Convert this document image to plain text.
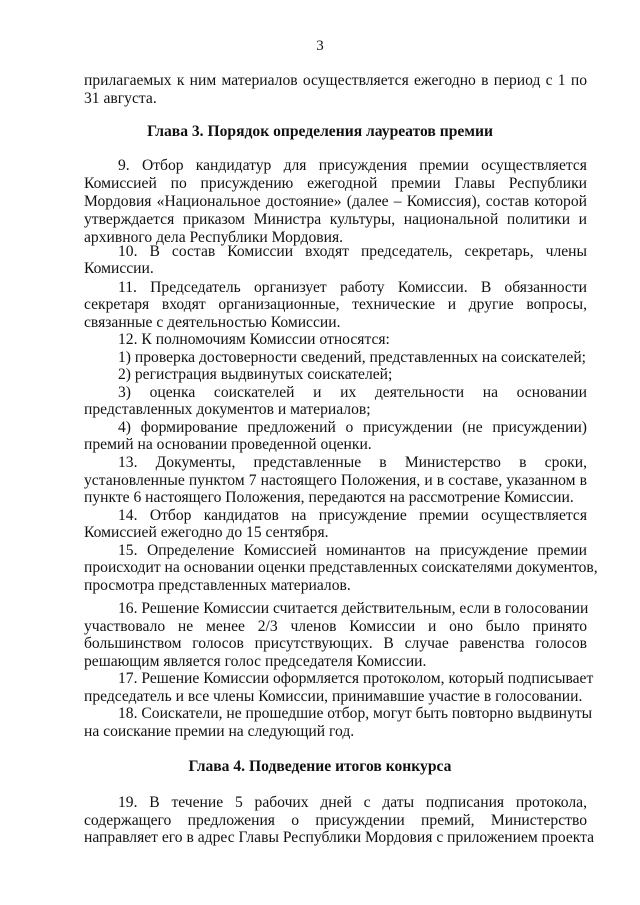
3
прилагаемых к ним материалов осуществляется ежегодно в период с 1 по
31 августа.
Глава 3. Порядок определения лауреатов премии
9. Отбор кандидатур для присуждения премии осуществляется
Комиссией по присуждению ежегодной премии Главы Республики
Мордовия «Национальное достояние» (далее – Комиссия), состав которой
утверждается приказом Министра культуры, национальной политики и
архивного дела Республики Мордовия.
10. В состав Комиссии входят председатель, секретарь, члены
Комиссии.
11. Председатель организует работу Комиссии. В обязанности
секретаря входят организационные, технические и другие вопросы,
связанные с деятельностью Комиссии.
12. К полномочиям Комиссии относятся:
1) проверка достоверности сведений, представленных на соискателей;
2) регистрация выдвинутых соискателей;
3) оценка соискателей и их деятельности на основании
представленных документов и материалов;
4) формирование предложений о присуждении (не присуждении)
премий на основании проведенной оценки.
13. Документы, представленные в Министерство в сроки,
установленные пунктом 7 настоящего Положения, и в составе, указанном в
пункте 6 настоящего Положения, передаются на рассмотрение Комиссии.
14. Отбор кандидатов на присуждение премии осуществляется
Комиссией ежегодно до 15 сентября.
15. Определение Комиссией номинантов на присуждение премии
происходит на основании оценки представленных соискателями документов,
просмотра представленных материалов.
16. Решение Комиссии считается действительным, если в голосовании
участвовало не менее 2/3 членов Комиссии и оно было принято
большинством голосов присутствующих. В случае равенства голосов
решающим является голос председателя Комиссии.
17. Решение Комиссии оформляется протоколом, который подписывает
председатель и все члены Комиссии, принимавшие участие в голосовании.
18. Соискатели, не прошедшие отбор, могут быть повторно выдвинуты
на соискание премии на следующий год.
Глава 4. Подведение итогов конкурса
19. В течение 5 рабочих дней с даты подписания протокола,
содержащего предложения о присуждении премий, Министерство
направляет его в адрес Главы Республики Мордовия с приложением проекта
